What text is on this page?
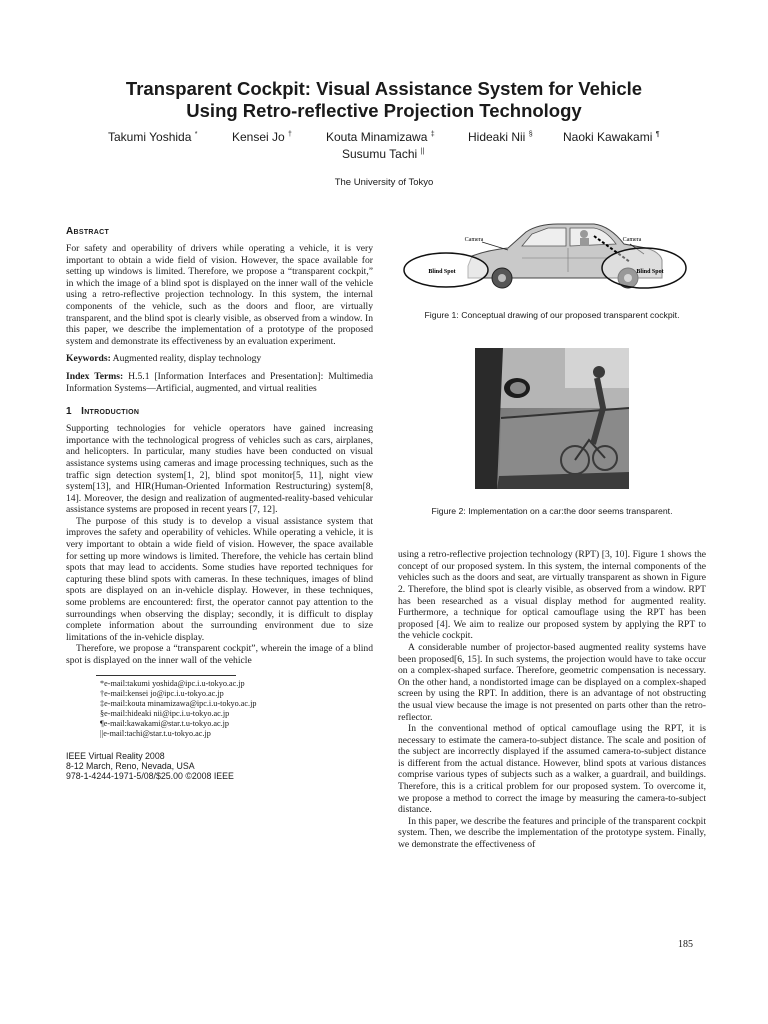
Transparent Cockpit: Visual Assistance System for Vehicle
Using Retro-reflective Projection Technology
Takumi Yoshida *	Kensei Jo †	Kouta Minamizawa ‡	Hideaki Nii §	Naoki Kawakami ¶
Susumu Tachi ||
The University of Tokyo
Abstract

For safety and operability of drivers while operating a vehicle, it is very important to obtain a wide field of vision. However, the space available for setting up windows is limited. Therefore, we propose a “transparent cockpit,” in which the image of a blind spot is displayed on the inner wall of the vehicle using a retro-reflective projection technology. In this system, the internal components of the vehicle, such as the doors and floor, are virtually transparent, and the blind spot is clearly visible, as observed from a window. In this paper, we describe the implementation of a prototype of the proposed system and demonstrate its effectiveness by an evaluation experiment.

Keywords: Augmented reality, display technology

Index Terms: H.5.1 [Information Interfaces and Presentation]: Multimedia Information Systems—Artificial, augmented, and virtual realities

1 Introduction

Supporting technologies for vehicle operators have gained increasing importance with the technological progress of vehicles such as cars, airplanes, and helicopters. In particular, many studies have been conducted on visual assistance systems using cameras and image processing techniques, such as the traffic sign detection system[1, 2], blind spot monitor[5, 11], night view system[13], and HIR(Human-Oriented Information Restructuring) system[8, 14]. Moreover, the design and realization of augmented-reality-based vehicular assistance systems are proposed in recent years [7, 12].

The purpose of this study is to develop a visual assistance system that improves the safety and operability of vehicles. While operating a vehicle, it is very important to obtain a wide field of vision. However, the space available for setting up more windows is limited. Therefore, the vehicle has certain blind spots that may lead to accidents. Some studies have reported techniques for capturing these blind spots with cameras. In these techniques, images of blind spots are displayed on an in-vehicle display. However, in these techniques, some problems are encountered: first, the operator cannot pay attention to the surroundings when observing the display; secondly, it is difficult to display complete information about the surrounding environment due to size limitations of the in-vehicle display.

Therefore, we propose a “transparent cockpit”, wherein the image of a blind spot is displayed on the inner wall of the vehicle

*e-mail:takumi yoshida@ipc.i.u-tokyo.ac.jp
†e-mail:kensei jo@ipc.i.u-tokyo.ac.jp
‡e-mail:kouta minamizawa@ipc.i.u-tokyo.ac.jp
§e-mail:hideaki nii@ipc.i.u-tokyo.ac.jp
¶e-mail:kawakami@star.t.u-tokyo.ac.jp
||e-mail:tachi@star.t.u-tokyo.ac.jp
IEEE Virtual Reality 2008
8-12 March, Reno, Nevada, USA
978-1-4244-1971-5/08/$25.00 ©2008 IEEE
Camera	Camera
Blind Spot	Blind Spot

Figure 1: Conceptual drawing of our proposed transparent cockpit.

Figure 2: Implementation on a car:the door seems transparent.

using a retro-reflective projection technology (RPT) [3, 10]. Figure 1 shows the concept of our proposed system. In this system, the internal components of the vehicles such as the doors and seat, are virtually transparent as shown in Figure 2. Therefore, the blind spot is clearly visible, as observed from a window. RPT has been researched as a visual display method for augmented reality. Furthermore, a technique for optical camouflage using the RPT has been proposed [4]. We aim to realize our proposed system by applying the RPT to the vehicle cockpit.

A considerable number of projector-based augmented reality systems have been proposed[6, 15]. In such systems, the projection would have to take occur on a complex-shaped surface. Therefore, geometric compensation is necessary. On the other hand, a nondistorted image can be displayed on a complex-shaped screen by using the RPT. In addition, there is an advantage of not obstructing the usual view because the image is not presented on parts other than the retro-reflector.

In the conventional method of optical camouflage using the RPT, it is necessary to estimate the camera-to-subject distance. The scale and position of the subject are incorrectly displayed if the assumed camera-to-subject distance is different from the actual distance. However, blind spots at various distances comprise various types of subjects such as a walker, a guardrail, and buildings. Therefore, this is a critical problem for our proposed system. To overcome it, we propose a method to correct the image by measuring the camera-to-subject distance.

In this paper, we describe the features and principle of the transparent cockpit system. Then, we describe the implementation of the prototype system. Finally, we demonstrate the effectiveness of

185
